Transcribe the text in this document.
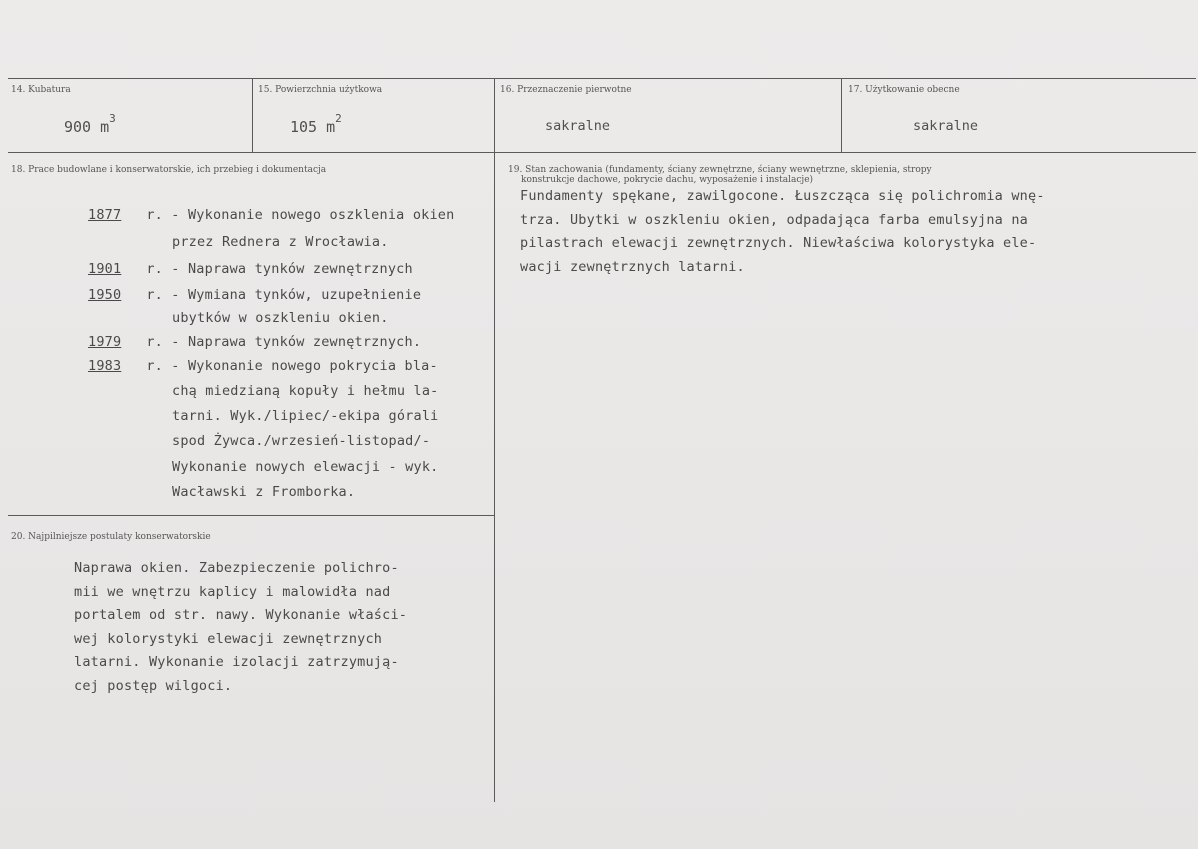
14. Kubatura
900 $m^3$
15. Powierzchnia użytkowa
105 $m^2$
16. Przeznaczenie pierwotne
sakralne
17. Użytkowanie obecne
sakralne
18. Prace budowlane i konserwatorskie, ich przebieg i dokumentacja
1877 r. - Wykonanie nowego oszklenia okien
przez Rednera z Wrocławia.
1901 r. - Naprawa tynków zewnętrznych
1950 r. - Wymiana tynków, uzupełnienie
ubytków w oszkleniu okien.
1979 r. - Naprawa tynków zewnętrznych.
1983 r. - Wykonanie nowego pokrycia bla-
chą miedzianą kopuły i hełmu la-
tarni. Wyk./lipiec/-ekipa górali
spod Żywca./wrzesień-listopad/-
Wykonanie nowych elewacji - wyk.
Wacławski z Fromborka.
19. Stan zachowania (fundamenty, ściany zewnętrzne, ściany wewnętrzne, sklepienia, stropy
konstrukcje dachowe, pokrycie dachu, wyposażenie i instalacje)
Fundamenty spękane, zawilgocone. Łuszcząca się polichromia wnę-
trza. Ubytki w oszkleniu okien, odpadająca farba emulsyjna na
pilastrach elewacji zewnętrznych. Niewłaściwa kolorystyka ele-
wacji zewnętrznych latarni.
20. Najpilniejsze postulaty konserwatorskie
Naprawa okien. Zabezpieczenie polichro-
mii we wnętrzu kaplicy i malowidła nad
portalem od str. nawy. Wykonanie właści-
wej kolorystyki elewacji zewnętrznych
latarni. Wykonanie izolacji zatrzymują-
cej postęp wilgoci.
